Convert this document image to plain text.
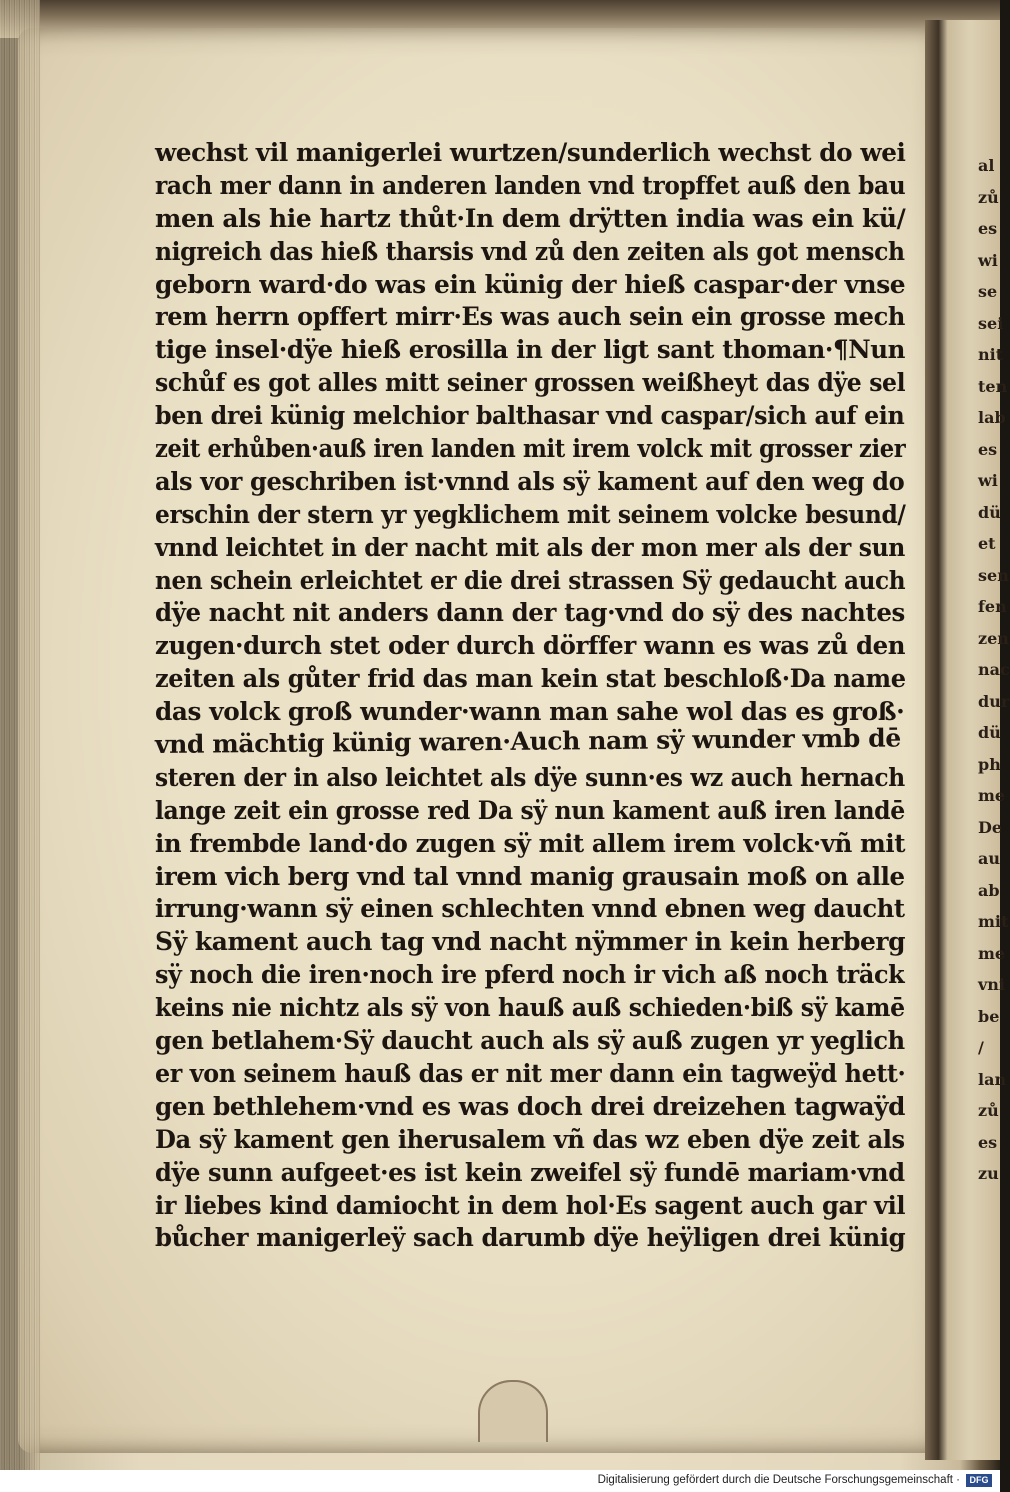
al
zů
es
wi
se
sei
nit
ten
lab
es
wi
dü
et
sen
fen
zen
nac
dur
dü
ph
me
De
au
ab
mit
me
vni
be
/
lan
zů
es
zu

wechst vil manigerlei wurtzen/sunderlich wechst do wei
rach mer dann in anderen landen vnd tropffet auß den bau
men als hie hartz thůt·In dem drÿtten india was ein kü/
nigreich das hieß tharsis vnd zů den zeiten als got mensch
geborn ward·do was ein künig der hieß caspar·der vnse
rem herrn opffert mirr·Es was auch sein ein grosse mech
tige insel·dÿe hieß erosilla in der ligt sant thoman·¶Nun
schůf es got alles mitt seiner grossen weißheyt das dÿe sel
ben drei künig melchior balthasar vnd caspar/sich auf ein
zeit erhůben·auß iren landen mit irem volck mit grosser zier
als vor geschriben ist·vnnd als sÿ kament auf den weg do
erschin der stern yr yegklichem mit seinem volcke besund/
vnnd leichtet in der nacht mit als der mon mer als der sun
nen schein erleichtet er die drei strassen Sÿ gedaucht auch
dÿe nacht nit anders dann der tag·vnd do sÿ des nachtes
zugen·durch stet oder durch dörffer wann es was zů den
zeiten als gůter frid das man kein stat beschloß·Da name
das volck groß wunder·wann man sahe wol das es groß·
vnd mächtig künig waren·Auch nam sÿ wunder vmb dē
steren der in also leichtet als dÿe sunn·es wz auch hernach
lange zeit ein grosse red Da sÿ nun kament auß iren landē
in frembde land·do zugen sÿ mit allem irem volck·vñ mit
irem vich berg vnd tal vnnd manig grausain moß on alle
irrung·wann sÿ einen schlechten vnnd ebnen weg daucht
Sÿ kament auch tag vnd nacht nÿmmer in kein herberg
sÿ noch die iren·noch ire pferd noch ir vich aß noch träck
keins nie nichtz als sÿ von hauß auß schieden·biß sÿ kamē
gen betlahem·Sÿ daucht auch als sÿ auß zugen yr yeglich
er von seinem hauß das er nit mer dann ein tagweÿd hett·
gen bethlehem·vnd es was doch drei dreizehen tagwaÿd
Da sÿ kament gen iherusalem vñ das wz eben dÿe zeit als
dÿe sunn aufgeet·es ist kein zweifel sÿ fundē mariam·vnd
ir liebes kind damiocht in dem hol·Es sagent auch gar vil
bůcher manigerleÿ sach darumb dÿe heÿligen drei künig
Digitalisierung gefördert durch die Deutsche Forschungsgemeinschaft ·	DFG
